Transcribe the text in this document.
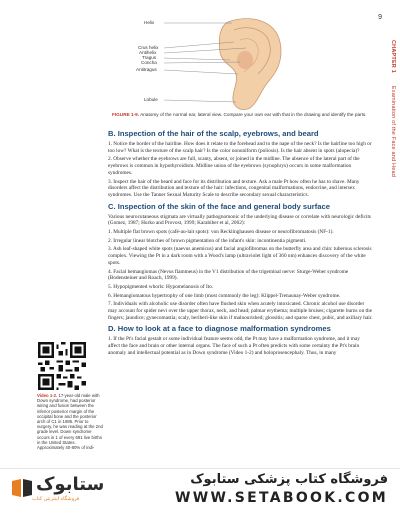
9
CHAPTER 1    Examination of the Face and Head
Helix
Crus helix
Antihelix
Tragus
Concha
Antitragus
Lobule
FIGURE 1-9. Anatomy of the normal ear, lateral view. Compare your own ear with that in the drawing and identify the parts.
B. Inspection of the hair of the scalp, eyebrows, and beard

1. Notice the border of the hairline. How does it relate to the forehead and to the nape of the neck? Is the hairline too high or too low? What is the texture of the scalp hair? Is the color nonuniform (poliosis). Is the hair absent in spots (alopecia)?

2. Observe whether the eyebrows are full, scanty, absent, or joined in the midline. The absence of the lateral part of the eyebrows is common in hypothyroidism. Midline union of the eyebrows (synophrys) occurs in some malformation syndromes.

3. Inspect the hair of the beard and face for its distribution and texture. Ask a male Pt how often he has to shave. Many disorders affect the distribution and texture of the hair: infections, congenital malformations, endocrine, and intersex syndromes. Use the Tanner Sexual Maturity Scale to describe secondary sexual characteristics.

C. Inspection of the skin of the face and general body surface

Various neurocutaneous stigmata are virtually pathognomonic of the underlying disease or correlate with neurologic deficits (Gomez, 1987; Hurko and Provost, 1999; Karabiber et al, 2002):

1. Multiple flat brown spots (café-au-lait spots): von Recklinghausen disease or neurofibromatosis (NF-1).

2. Irregular linear blotches of brown pigmentation of the infant's skin: incontinentia pigmenti.

3. Ash leaf-shaped white spots (naevus anemicus) and facial angiofibromas on the butterfly area and chin: tuberous sclerosis complex. Viewing the Pt in a dark room with a Wood's lamp (ultraviolet light of 360 nm) enhances discovery of the white spots.

4. Facial hemangiomas (Nevus flammeus) in the V1 distribution of the trigeminal nerve: Sturge-Weber syndrome (Bodensteiner and Roach, 1999).

5. Hypopigmented whorls: Hypomelanosis of Ito.

6. Hemangiomatous hypertrophy of one limb (most commonly the leg): Klippel-Trenaunay-Weber syndrome.

7. Individuals with alcoholic use disorder often have flushed skin when acutely intoxicated. Chronic alcohol use disorder may account for spider nevi over the upper thorax, neck, and head; palmar erythema; multiple bruises; cigarette burns on the fingers; jaundice; gynecomastia; scaly, beriberi-like skin if malnourished; glossitis; and sparse chest, pubic, and axillary hair.

D. How to look at a face to diagnose malformation syndromes

1. If the Pt's facial gestalt or some individual feature seems odd, the Pt may have a malformation syndrome, and it may affect the face and brain or other internal organs. The face of such a Pt often predicts with some certainty the Pt's brain anomaly and intellectual potential as in Down syndrome (Video 1-2) and holoprosencephaly. Thus, in many

Video 1-2. 17-year-old male with Down syndrome, had posterior wiring and fusion between the inferior posterior margin of the occipital bone and the posterior arch of C1 in 1985. Prior to surgery, he was reading at the 2nd grade level. Down syndrome occurs in 1 of every 691 live births in the United States. Approximately 40-80% of indi-
ستابوک
فروشگاه اینترنتی کتاب
فروشگاه کتاب پزشکی ستابوک
WWW.SETABOOK.COM
